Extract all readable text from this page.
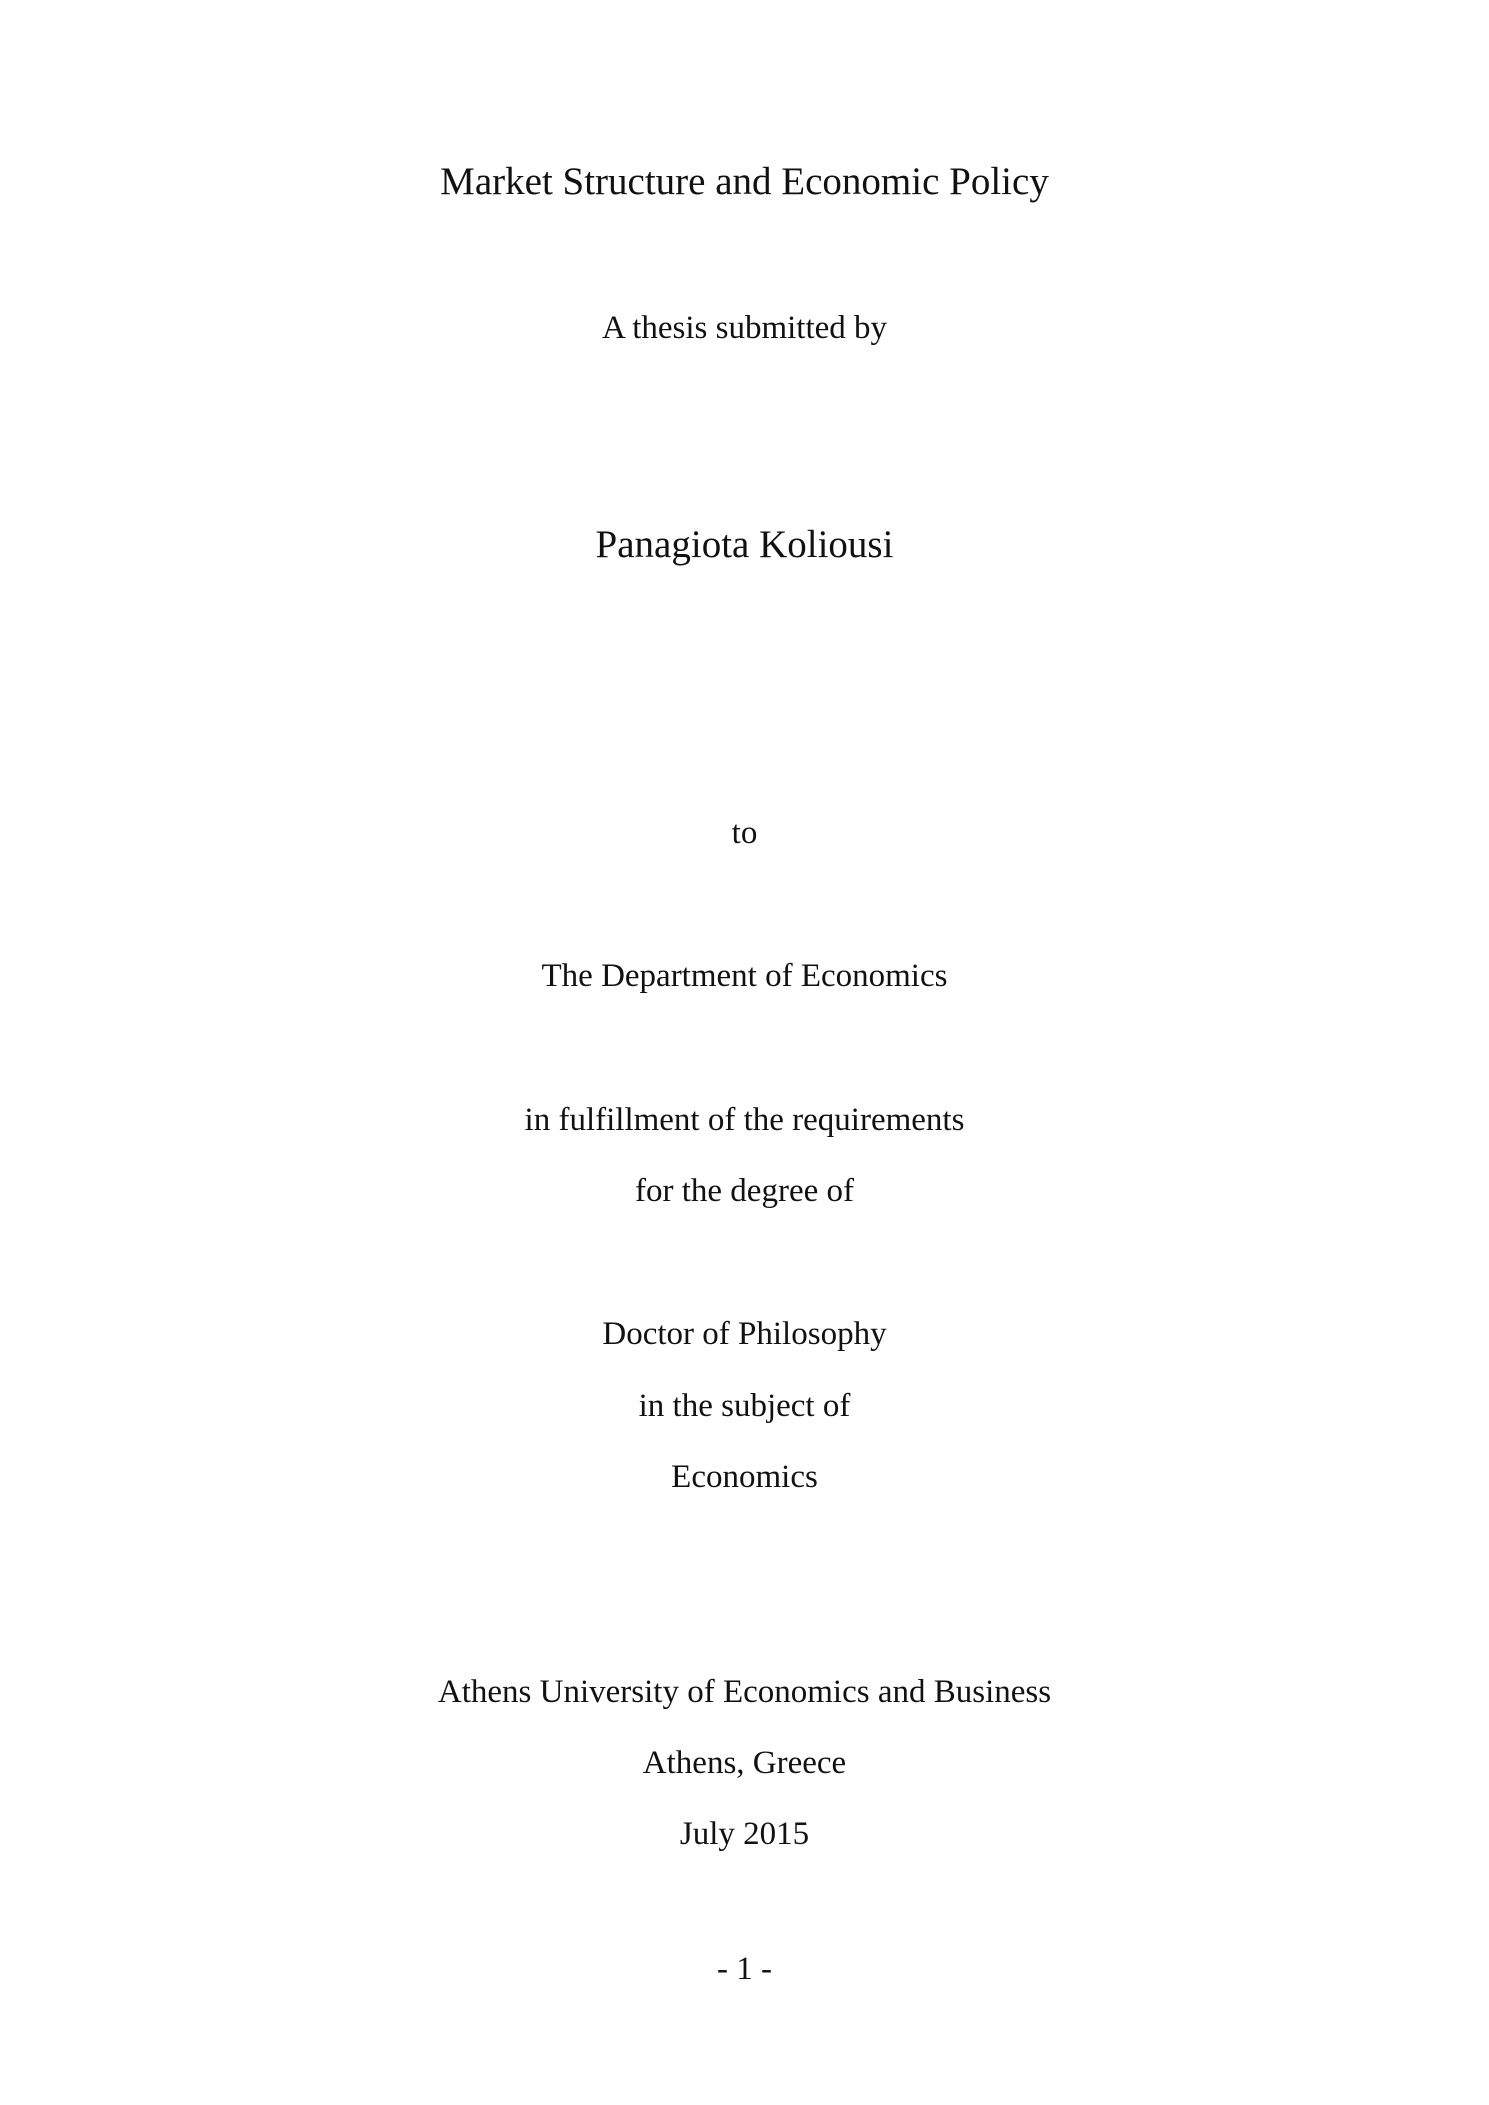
Market Structure and Economic Policy
A thesis submitted by
Panagiota Koliousi
to
The Department of Economics
in fulfillment of the requirements
for the degree of
Doctor of Philosophy
in the subject of
Economics
Athens University of Economics and Business
Athens, Greece
July 2015
- 1 -
